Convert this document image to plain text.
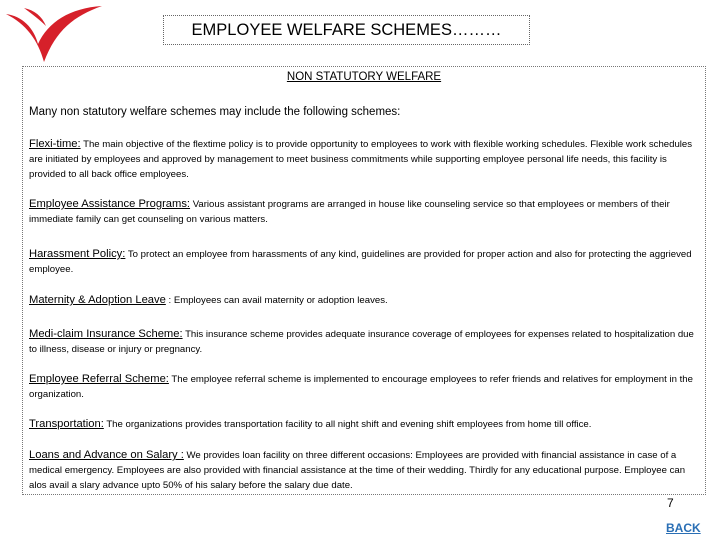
EMPLOYEE WELFARE SCHEMES………
NON STATUTORY WELFARE
Many non statutory welfare schemes may include the following schemes:
Flexi-time: The main objective of the flextime policy is to provide opportunity to employees to work with flexible working schedules. Flexible work schedules are initiated by employees and approved by management to meet business commitments while supporting employee personal life needs, this facility is provided to all back office employees.
Employee Assistance Programs: Various assistant programs are arranged in house like counseling service so that employees or members of their immediate family can get counseling on various matters.
Harassment Policy: To protect an employee from harassments of any kind, guidelines are provided for proper action and also for protecting the aggrieved employee.
Maternity & Adoption Leave : Employees can avail maternity or adoption leaves.
Medi-claim Insurance Scheme: This insurance scheme provides adequate insurance coverage of employees for expenses related to hospitalization due to illness, disease or injury or pregnancy.
Employee Referral Scheme: The employee referral scheme is implemented to encourage employees to refer friends and relatives for employment in the organization.
Transportation: The organizations provides transportation facility to all night shift and evening shift employees from home till office.
Loans and Advance on Salary : We provides loan facility on three different occasions: Employees are provided with financial assistance in case of a medical emergency. Employees are also provided with financial assistance at the time of their wedding. Thirdly for any educational purpose. Employee can alos avail a slary advance upto 50% of his salary before the salary due date.
7
BACK
